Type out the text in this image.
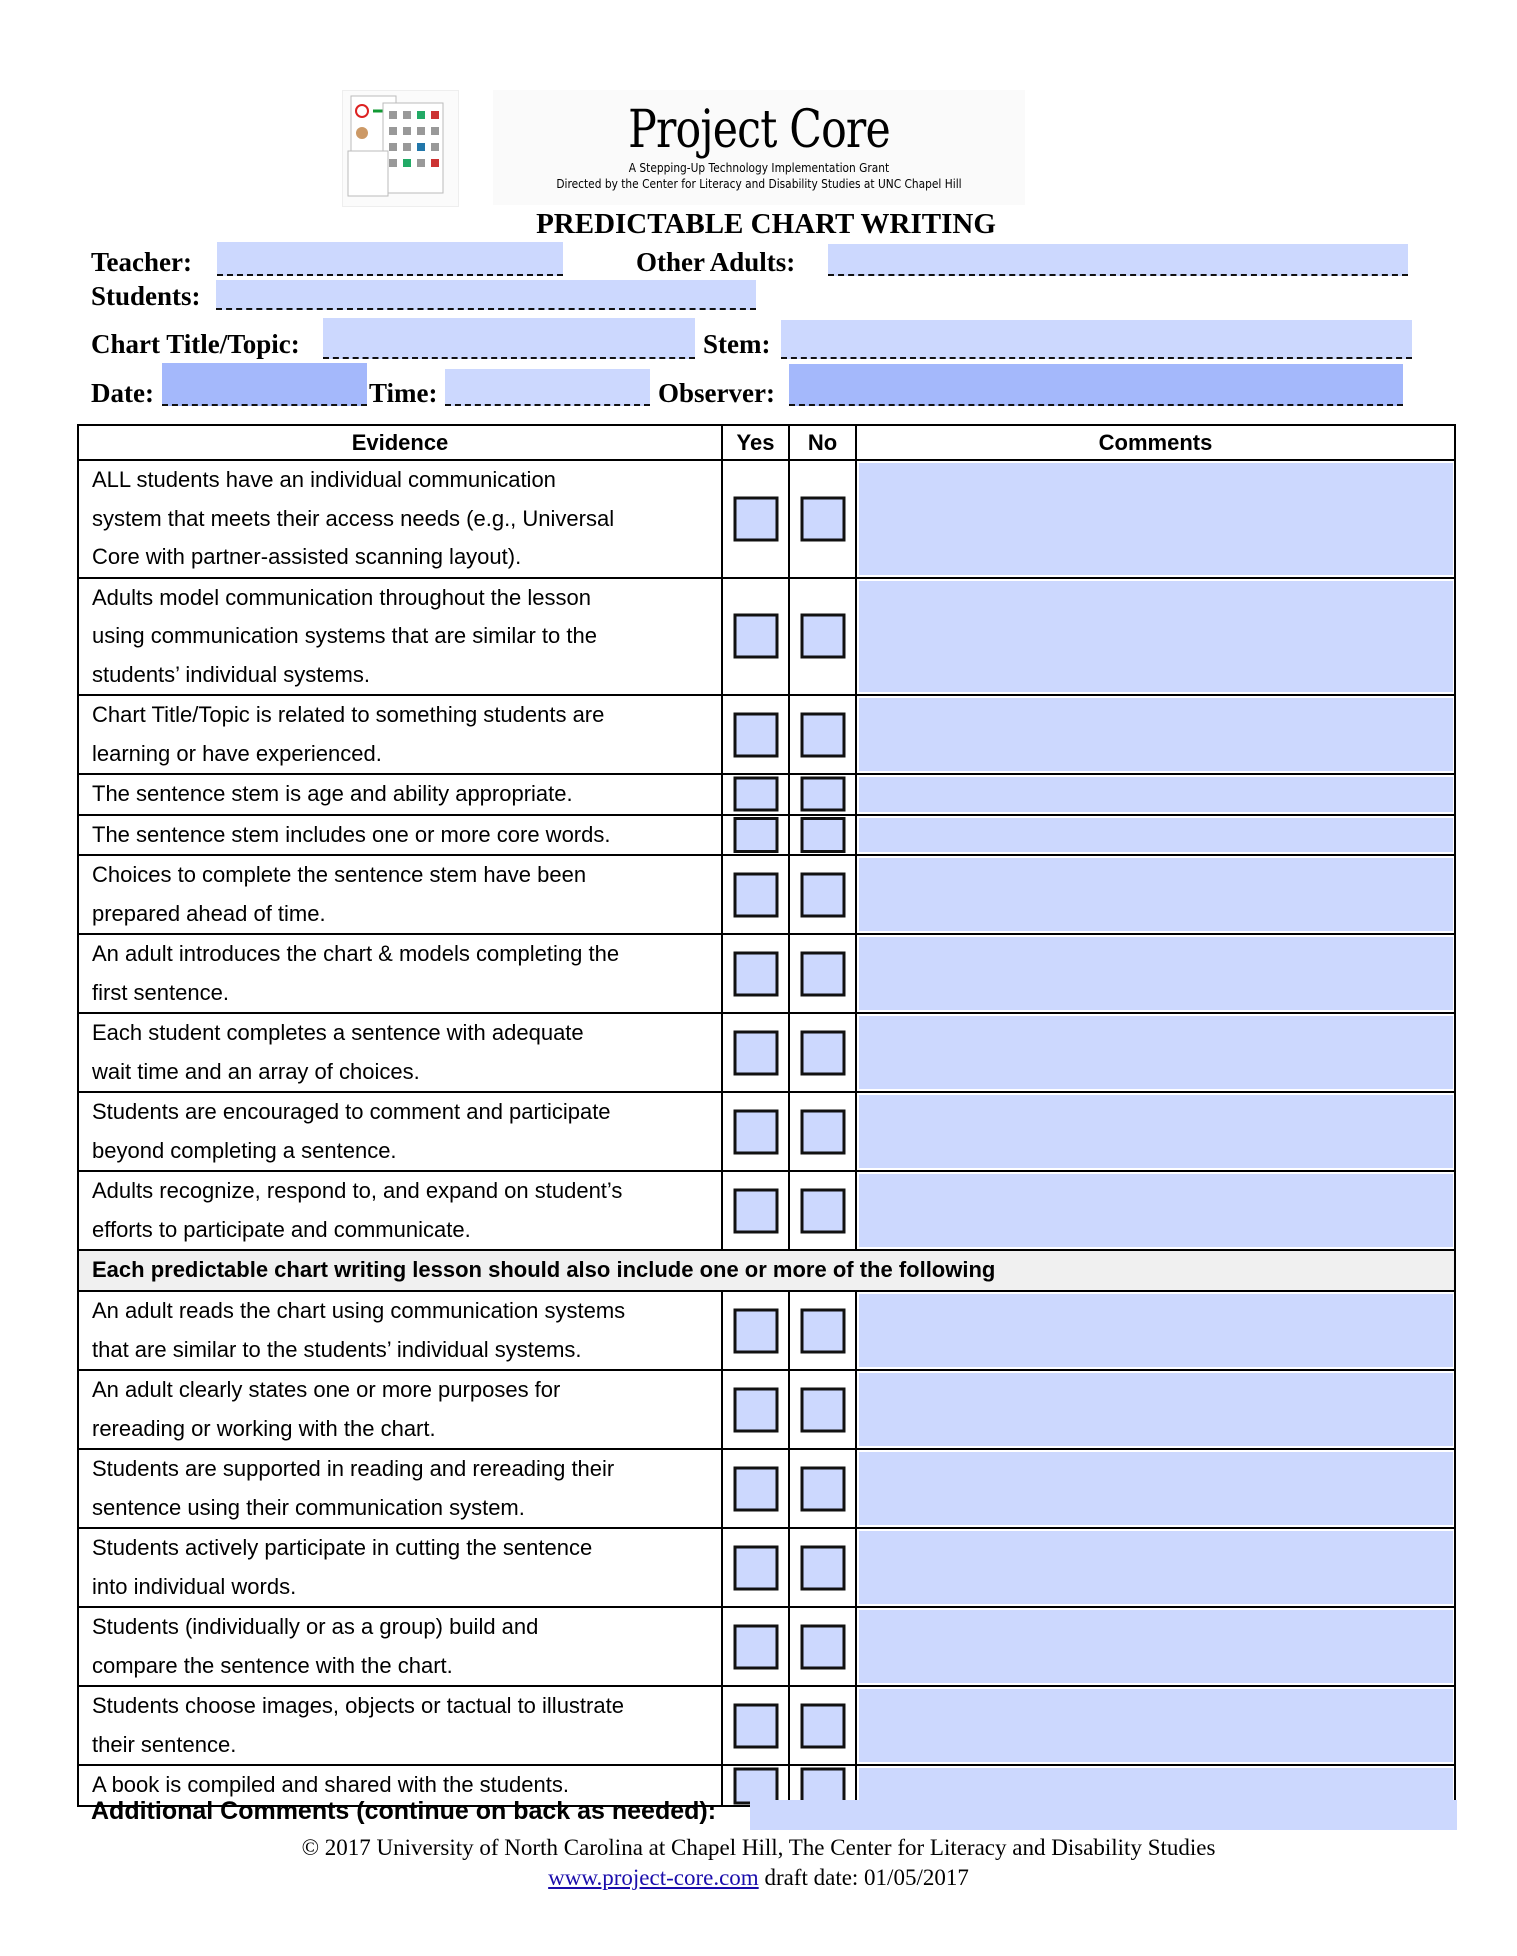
Project Core
A Stepping-Up Technology Implementation Grant
Directed by the Center for Literacy and Disability Studies at UNC Chapel Hill
PREDICTABLE CHART WRITING
Teacher:	Other Adults:
Students:
Chart Title/Topic:	Stem:
Date:	Time:	Observer:
Evidence	Yes	No	Comments

ALL students have an individual communication
system that meets their access needs (e.g., Universal
Core with partner-assisted scanning layout).			

Adults model communication throughout the lesson
using communication systems that are similar to the
students’ individual systems.			

Chart Title/Topic is related to something students are
learning or have experienced.			

The sentence stem is age and ability appropriate.			

The sentence stem includes one or more core words.			

Choices to complete the sentence stem have been
prepared ahead of time.			

An adult introduces the chart & models completing the
first sentence.			

Each student completes a sentence with adequate
wait time and an array of choices.			

Students are encouraged to comment and participate
beyond completing a sentence.			

Adults recognize, respond to, and expand on student’s
efforts to participate and communicate.			

Each predictable chart writing lesson should also include one or more of the following			

An adult reads the chart using communication systems
that are similar to the students’ individual systems.			

An adult clearly states one or more purposes for
rereading or working with the chart.			

Students are supported in reading and rereading their
sentence using their communication system.			

Students actively participate in cutting the sentence
into individual words.			

Students (individually or as a group) build and
compare the sentence with the chart.			

Students choose images, objects or tactual to illustrate
their sentence.			

A book is compiled and shared with the students.			

Additional Comments (continue on back as needed):
© 2017 University of North Carolina at Chapel Hill, The Center for Literacy and Disability Studies
www.project-core.com draft date: 01/05/2017
